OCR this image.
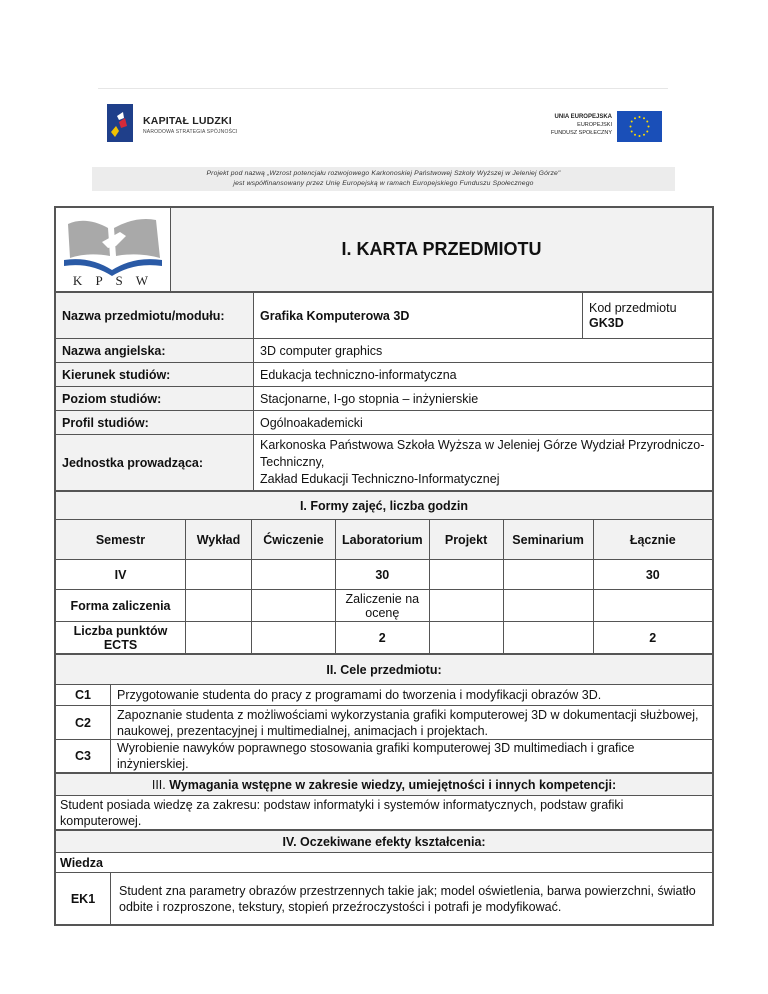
KAPITAŁ LUDZKI
NARODOWA STRATEGIA SPÓJNOŚCI
UNIA EUROPEJSKA
EUROPEJSKI
FUNDUSZ SPOŁECZNY
Projekt pod nazwą „Wzrost potencjału rozwojowego Karkonoskiej Państwowej Szkoły Wyższej w Jeleniej Górze"
jest współfinansowany przez Unię Europejską w ramach Europejskiego Funduszu Społecznego
K P S W
	I. KARTA PRZEDMIOTU
Nazwa przedmiotu/modułu:	Grafika Komputerowa 3D	Kod przedmiotu
GK3D

Nazwa angielska:	3D computer graphics	
Kierunek studiów:	Edukacja techniczno-informatyczna	
Poziom studiów:	Stacjonarne, I-go stopnia – inżynierskie	
Profil studiów:	Ogólnoakademicki	
Jednostka prowadząca:	Karkonoska Państwowa Szkoła Wyższa w Jeleniej Górze Wydział Przyrodniczo-Techniczny,
Zakład Edukacji Techniczno-Informatycznej	
I. Formy zajęć, liczba godzin						
Semestr	Wykład	Ćwiczenie	Laboratorium	Projekt	Seminarium	Łącznie
IV			30			30
Forma zaliczenia			Zaliczenie na ocenę			
Liczba punktów ECTS			2			2
II. Cele przedmiotu:	
C1	Przygotowanie studenta do pracy z programami do tworzenia i modyfikacji obrazów 3D.
C2	Zapoznanie studenta z możliwościami wykorzystania grafiki komputerowej 3D w dokumentacji służbowej, naukowej, prezentacyjnej i multimedialnej, animacjach i projektach.
C3	Wyrobienie nawyków poprawnego stosowania grafiki komputerowej 3D multimediach i grafice inżynierskiej.
III. Wymagania wstępne w zakresie wiedzy, umiejętności i innych kompetencji:
Student posiada wiedzę za zakresu: podstaw informatyki i systemów informatycznych, podstaw grafiki komputerowej.
IV. Oczekiwane efekty kształcenia:
Wiedza
EK1	Student zna parametry obrazów przestrzennych takie jak; model oświetlenia, barwa powierzchni, światło odbite i rozproszone, tekstury, stopień przeźroczystości i potrafi je modyfikować.
